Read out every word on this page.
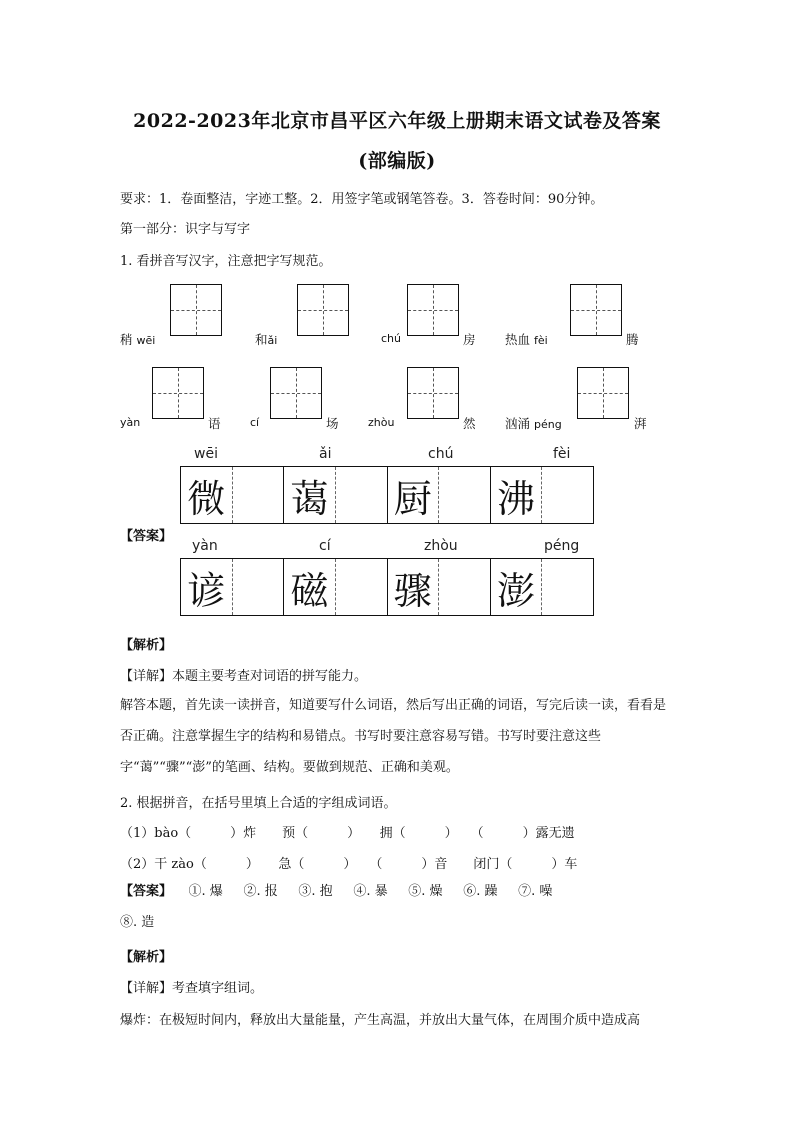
2022-2023年北京市昌平区六年级上册期末语文试卷及答案
(部编版)
要求：1．卷面整洁，字迹工整。2．用签字笔或钢笔答卷。3．答卷时间：90分钟。
第一部分：识字与写字
1. 看拼音写汉字，注意把字写规范。
稍 wēi	和ǎi	chú	房 热血 fèi	腾
yàn	语	cí	场	zhòu	然 汹涌 péng	湃
wēi	ǎi	chú	fèi
微 蔼 厨 沸
【答案】
yàn	cí	zhòu	péng
谚 磁 骤 澎
【解析】
【详解】本题主要考查对词语的拼写能力。
解答本题，首先读一读拼音，知道要写什么词语，然后写出正确的词语，写完后读一读，看看是否正确。注意掌握生字的结构和易错点。书写时要注意容易写错。书写时要注意这些字“蔼”“骤”“澎”的笔画、结构。要做到规范、正确和美观。
2. 根据拼音，在括号里填上合适的字组成词语。
（1）bào（　　　）炸　　预（　　　）　　拥（　　　）　　（　　　）露无遗
（2）干 zào（　　　）　　急（　　　）　　（　　　）音　　闭门（　　　）车
【答案】 ①. 爆 ②. 报 ③. 抱 ④. 暴 ⑤. 燥 ⑥. 躁 ⑦. 噪
⑧. 造
【解析】
【详解】考查填字组词。
爆炸：在极短时间内，释放出大量能量，产生高温，并放出大量气体，在周围介质中造成高
